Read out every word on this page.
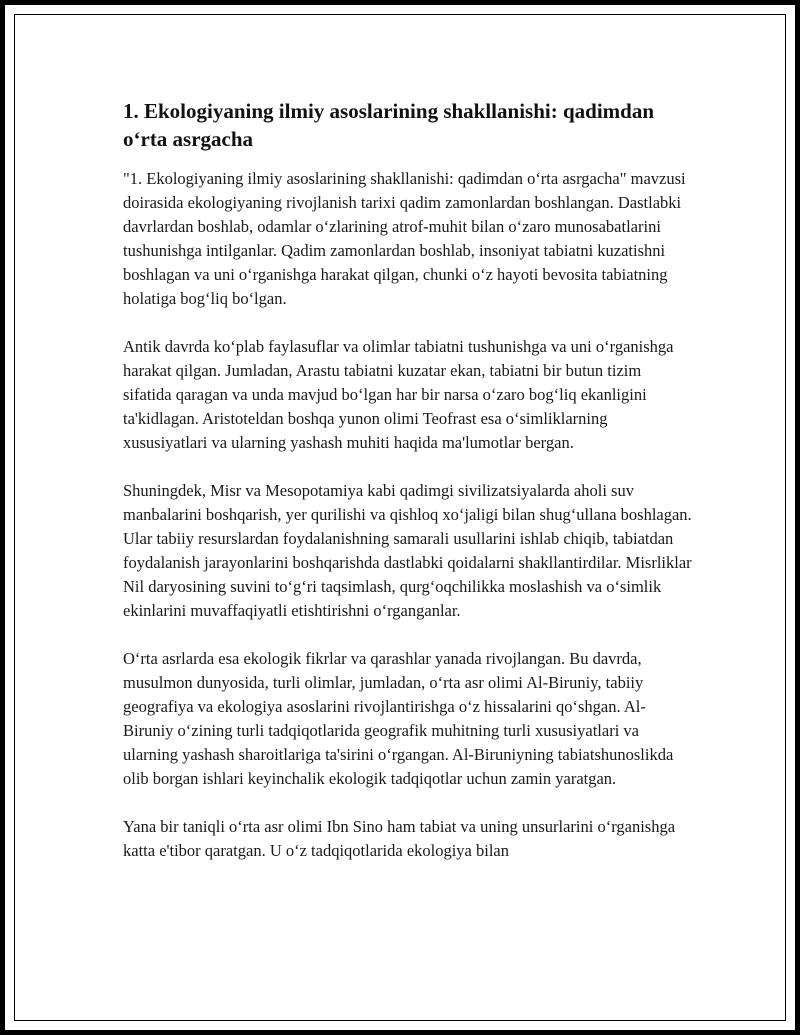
1. Ekologiyaning ilmiy asoslarining shakllanishi: qadimdan o‘rta asrgacha

"1. Ekologiyaning ilmiy asoslarining shakllanishi: qadimdan o‘rta asrgacha" mavzusi doirasida ekologiyaning rivojlanish tarixi qadim zamonlardan boshlangan. Dastlabki davrlardan boshlab, odamlar o‘zlarining atrof-muhit bilan o‘zaro munosabatlarini tushunishga intilganlar. Qadim zamonlardan boshlab, insoniyat tabiatni kuzatishni boshlagan va uni o‘rganishga harakat qilgan, chunki o‘z hayoti bevosita tabiatning holatiga bog‘liq bo‘lgan.

Antik davrda ko‘plab faylasuflar va olimlar tabiatni tushunishga va uni o‘rganishga harakat qilgan. Jumladan, Arastu tabiatni kuzatar ekan, tabiatni bir butun tizim sifatida qaragan va unda mavjud bo‘lgan har bir narsa o‘zaro bog‘liq ekanligini ta'kidlagan. Aristoteldan boshqa yunon olimi Teofrast esa o‘simliklarning xususiyatlari va ularning yashash muhiti haqida ma'lumotlar bergan.

Shuningdek, Misr va Mesopotamiya kabi qadimgi sivilizatsiyalarda aholi suv manbalarini boshqarish, yer qurilishi va qishloq xo‘jaligi bilan shug‘ullana boshlagan. Ular tabiiy resurslardan foydalanishning samarali usullarini ishlab chiqib, tabiatdan foydalanish jarayonlarini boshqarishda dastlabki qoidalarni shakllantirdilar. Misrliklar Nil daryosining suvini to‘g‘ri taqsimlash, qurg‘oqchilikka moslashish va o‘simlik ekinlarini muvaffaqiyatli etishtirishni o‘rganganlar.

O‘rta asrlarda esa ekologik fikrlar va qarashlar yanada rivojlangan. Bu davrda, musulmon dunyosida, turli olimlar, jumladan, o‘rta asr olimi Al-Biruniy, tabiiy geografiya va ekologiya asoslarini rivojlantirishga o‘z hissalarini qo‘shgan. Al-Biruniy o‘zining turli tadqiqotlarida geografik muhitning turli xususiyatlari va ularning yashash sharoitlariga ta'sirini o‘rgangan. Al-Biruniyning tabiatshunoslikda olib borgan ishlari keyinchalik ekologik tadqiqotlar uchun zamin yaratgan.

Yana bir taniqli o‘rta asr olimi Ibn Sino ham tabiat va uning unsurlarini o‘rganishga katta e'tibor qaratgan. U o‘z tadqiqotlarida ekologiya bilan
